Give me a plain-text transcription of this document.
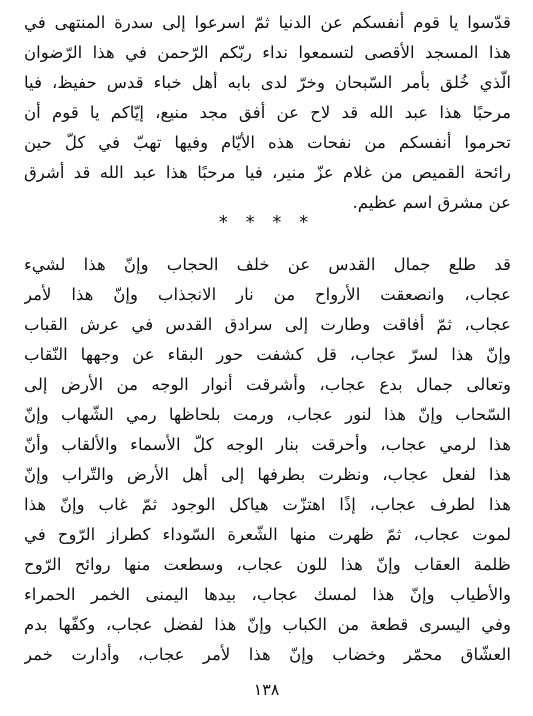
قدّسوا يا قوم أنفسكم عن الدنيا ثمّ اسرعوا إلى سدرة المنتهى في
هذا المسجد الأقصى لتسمعوا نداء ربّكم الرّحمن في هذا الرّضوان
الّذي خُلق بأمر السّبحان وخرّ لدى بابه أهل خباء قدس حفيظ، فيا
مرحبًا هذا عبد الله قد لاح عن أفق مجد منيع، إيّاكم يا قوم أن
تحرموا أنفسكم من نفحات هذه الأيّام وفيها تهبّ في كلّ حين
رائحة القميص من غلام عزّ منير، فيا مرحبًا هذا عبد الله قد أشرق
عن مشرق اسم عظيم.
* * * *
قد طلع جمال القدس عن خلف الحجاب وإنّ هذا لشيء
عجاب، وانصعقت الأرواح من نار الانجذاب وإنّ هذا لأمر
عجاب، ثمّ أفاقت وطارت إلى سرادق القدس في عرش القباب
وإنّ هذا لسرّ عجاب، قل كشفت حور البقاء عن وجهها النّقاب
وتعالى جمال بدع عجاب، وأشرقت أنوار الوجه من الأرض إلى
السّحاب وإنّ هذا لنور عجاب، ورمت بلحاظها رمي الشّهاب وإنّ
هذا لرمي عجاب، وأحرقت بنار الوجه كلّ الأسماء والألقاب وأنّ
هذا لفعل عجاب، ونظرت بطرفها إلى أهل الأرض والتّراب وإنّ
هذا لطرف عجاب، إذًا اهتزّت هياكل الوجود ثمّ غاب وإنّ هذا
لموت عجاب، ثمّ ظهرت منها الشّعرة السّوداء كطراز الرّوح في
ظلمة العقاب وإنّ هذا للون عجاب، وسطعت منها روائح الرّوح
والأطياب وإنّ هذا لمسك عجاب، بيدها اليمنى الخمر الحمراء
وفي اليسرى قطعة من الكباب وإنّ هذا لفضل عجاب، وكفّها بدم
العشّاق محمّر وخضاب وإنّ هذا لأمر عجاب، وأدارت خمر
١٣٨
